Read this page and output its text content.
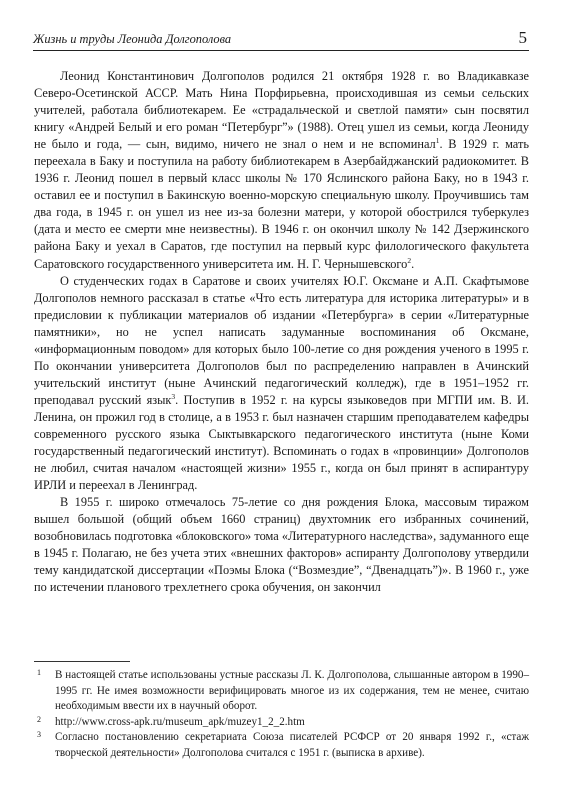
Жизнь и труды Леонида Долгополова	5

Леонид Константинович Долгополов родился 21 октября 1928 г. во Владикавказе Северо-Осетинской АССР. Мать Нина Порфирьевна, происходившая из семьи сельских учителей, работала библиотекарем. Ее «страдальческой и светлой памяти» сын посвятил книгу «Андрей Белый и его роман “Петербург”» (1988). Отец ушел из семьи, когда Леониду не было и года, — сын, видимо, ничего не знал о нем и не вспоминал$^1$. В 1929 г. мать переехала в Баку и поступила на работу библиотекарем в Азербайджанский радиокомитет. В 1936 г. Леонид пошел в первый класс школы № 170 Яслинского района Баку, но в 1943 г. оставил ее и поступил в Бакинскую военно-морскую специальную школу. Проучившись там два года, в 1945 г. он ушел из нее из-за болезни матери, у которой обострился туберкулез (дата и место ее смерти мне неизвестны). В 1946 г. он окончил школу № 142 Дзержинского района Баку и уехал в Саратов, где поступил на первый курс филологического факультета Саратовского государственного университета им. Н. Г. Чернышевского$^2$.

О студенческих годах в Саратове и своих учителях Ю.Г. Оксмане и А.П. Скафтымове Долгополов немного рассказал в статье «Что есть литература для историка литературы» и в предисловии к публикации материалов об издании «Петербурга» в серии «Литературные памятники», но не успел написать задуманные воспоминания об Оксмане, «информационным поводом» для которых было 100-летие со дня рождения ученого в 1995 г. По окончании университета Долгополов был по распределению направлен в Ачинский учительский институт (ныне Ачинский педагогический колледж), где в 1951–1952 гг. преподавал русский язык$^3$. Поступив в 1952 г. на курсы языковедов при МГПИ им. В. И. Ленина, он прожил год в столице, а в 1953 г. был назначен старшим преподавателем кафедры современного русского языка Сыктывкарского педагогического института (ныне Коми государственный педагогический институт). Вспоминать о годах в «провинции» Долгополов не любил, считая началом «настоящей жизни» 1955 г., когда он был принят в аспирантуру ИРЛИ и переехал в Ленинград.

В 1955 г. широко отмечалось 75-летие со дня рождения Блока, массовым тиражом вышел большой (общий объем 1660 страниц) двухтомник его избранных сочинений, возобновилась подготовка «блоковского» тома «Литературного наследства», задуманного еще в 1945 г. Полагаю, не без учета этих «внешних факторов» аспиранту Долгополову утвердили тему кандидатской диссертации «Поэмы Блока (“Возмездие”, “Двенадцать”)». В 1960 г., уже по истечении планового трехлетнего срока обучения, он закончил

1 В настоящей статье использованы устные рассказы Л. К. Долгополова, слышанные автором в 1990–1995 гг. Не имея возможности верифицировать многое из их содержания, тем не менее, считаю необходимым ввести их в научный оборот.
2 http://www.cross-apk.ru/museum_apk/muzey1_2_2.htm
3 Согласно постановлению секретариата Союза писателей РСФСР от 20 января 1992 г., «стаж творческой деятельности» Долгополова считался с 1951 г. (выписка в архиве).
